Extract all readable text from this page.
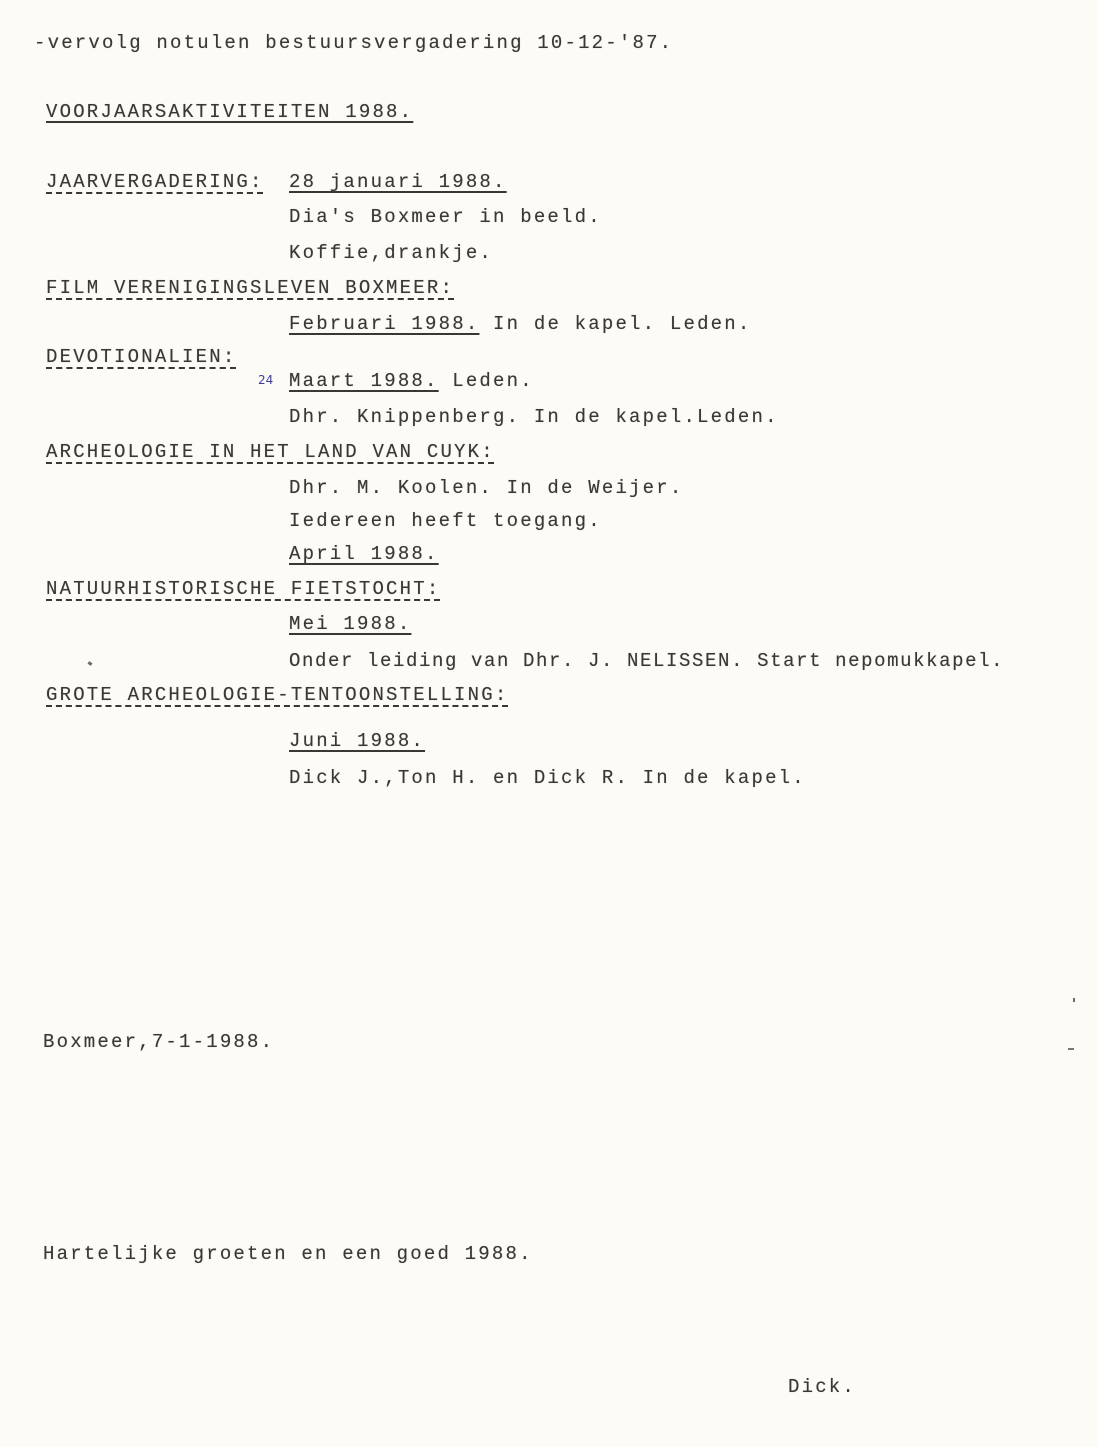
-vervolg notulen bestuursvergadering 10-12-'87.
VOORJAARSAKTIVITEITEN 1988.
JAARVERGADERING: 28 januari 1988.
Dia's Boxmeer in beeld.
Koffie,drankje.
FILM VERENIGINGSLEVEN BOXMEER:
Februari 1988. In de kapel. Leden.
DEVOTIONALIEN:
24 Maart 1988. Leden.
Dhr. Knippenberg. In de kapel.Leden.
ARCHEOLOGIE IN HET LAND VAN CUYK:
Dhr. M. Koolen. In de Weijer.
Iedereen heeft toegang.
April 1988.
NATUURHISTORISCHE FIETSTOCHT:
Mei 1988.
Onder leiding van Dhr. J. NELISSEN. Start nepomukkapel.
GROTE ARCHEOLOGIE-TENTOONSTELLING:
Juni 1988.
Dick J.,Ton H. en Dick R. In de kapel.
Boxmeer,7-1-1988.
Hartelijke groeten en een goed 1988.
Dick.
